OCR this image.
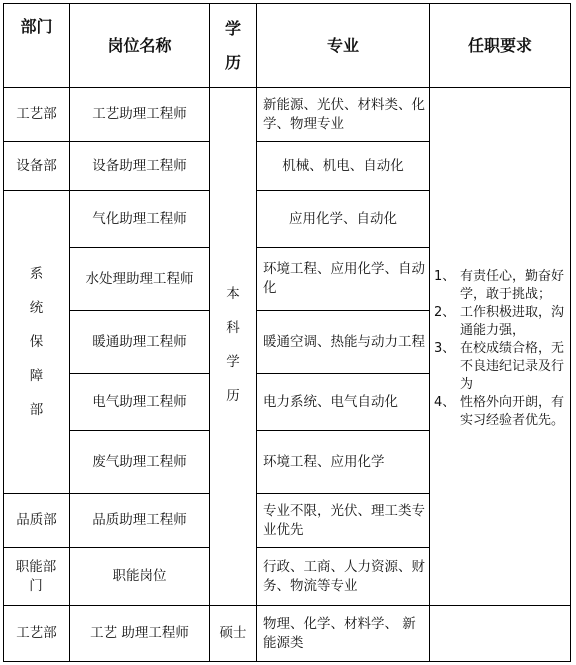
部门
岗位名称
学
历
专业	任职要求
工艺部
设备部
系
统
保
障
部
品质部
职能部门
工艺部
工艺助理工程师
设备助理工程师
气化助理工程师
水处理助理工程师
暖通助理工程师
电气助理工程师
废气助理工程师
品质助理工程师
职能岗位
工艺 助理工程师
本
科
学
历
硕士
新能源、光伏、材料类、化学、物理专业
机械、机电、自动化
应用化学、自动化
环境工程、应用化学、自动化
暖通空调、热能与动力工程
电力系统、电气自动化
环境工程、应用化学
专业不限，光伏、理工类专业优先
行政、工商、人力资源、财务、物流等专业
物理、化学、材料学、 新能源类
1、 有责任心，勤奋好学，敢于挑战；
2、 工作积极进取，沟通能力强，
3、 在校成绩合格，无不良违纪记录及行为
4、 性格外向开朗，有实习经验者优先。
